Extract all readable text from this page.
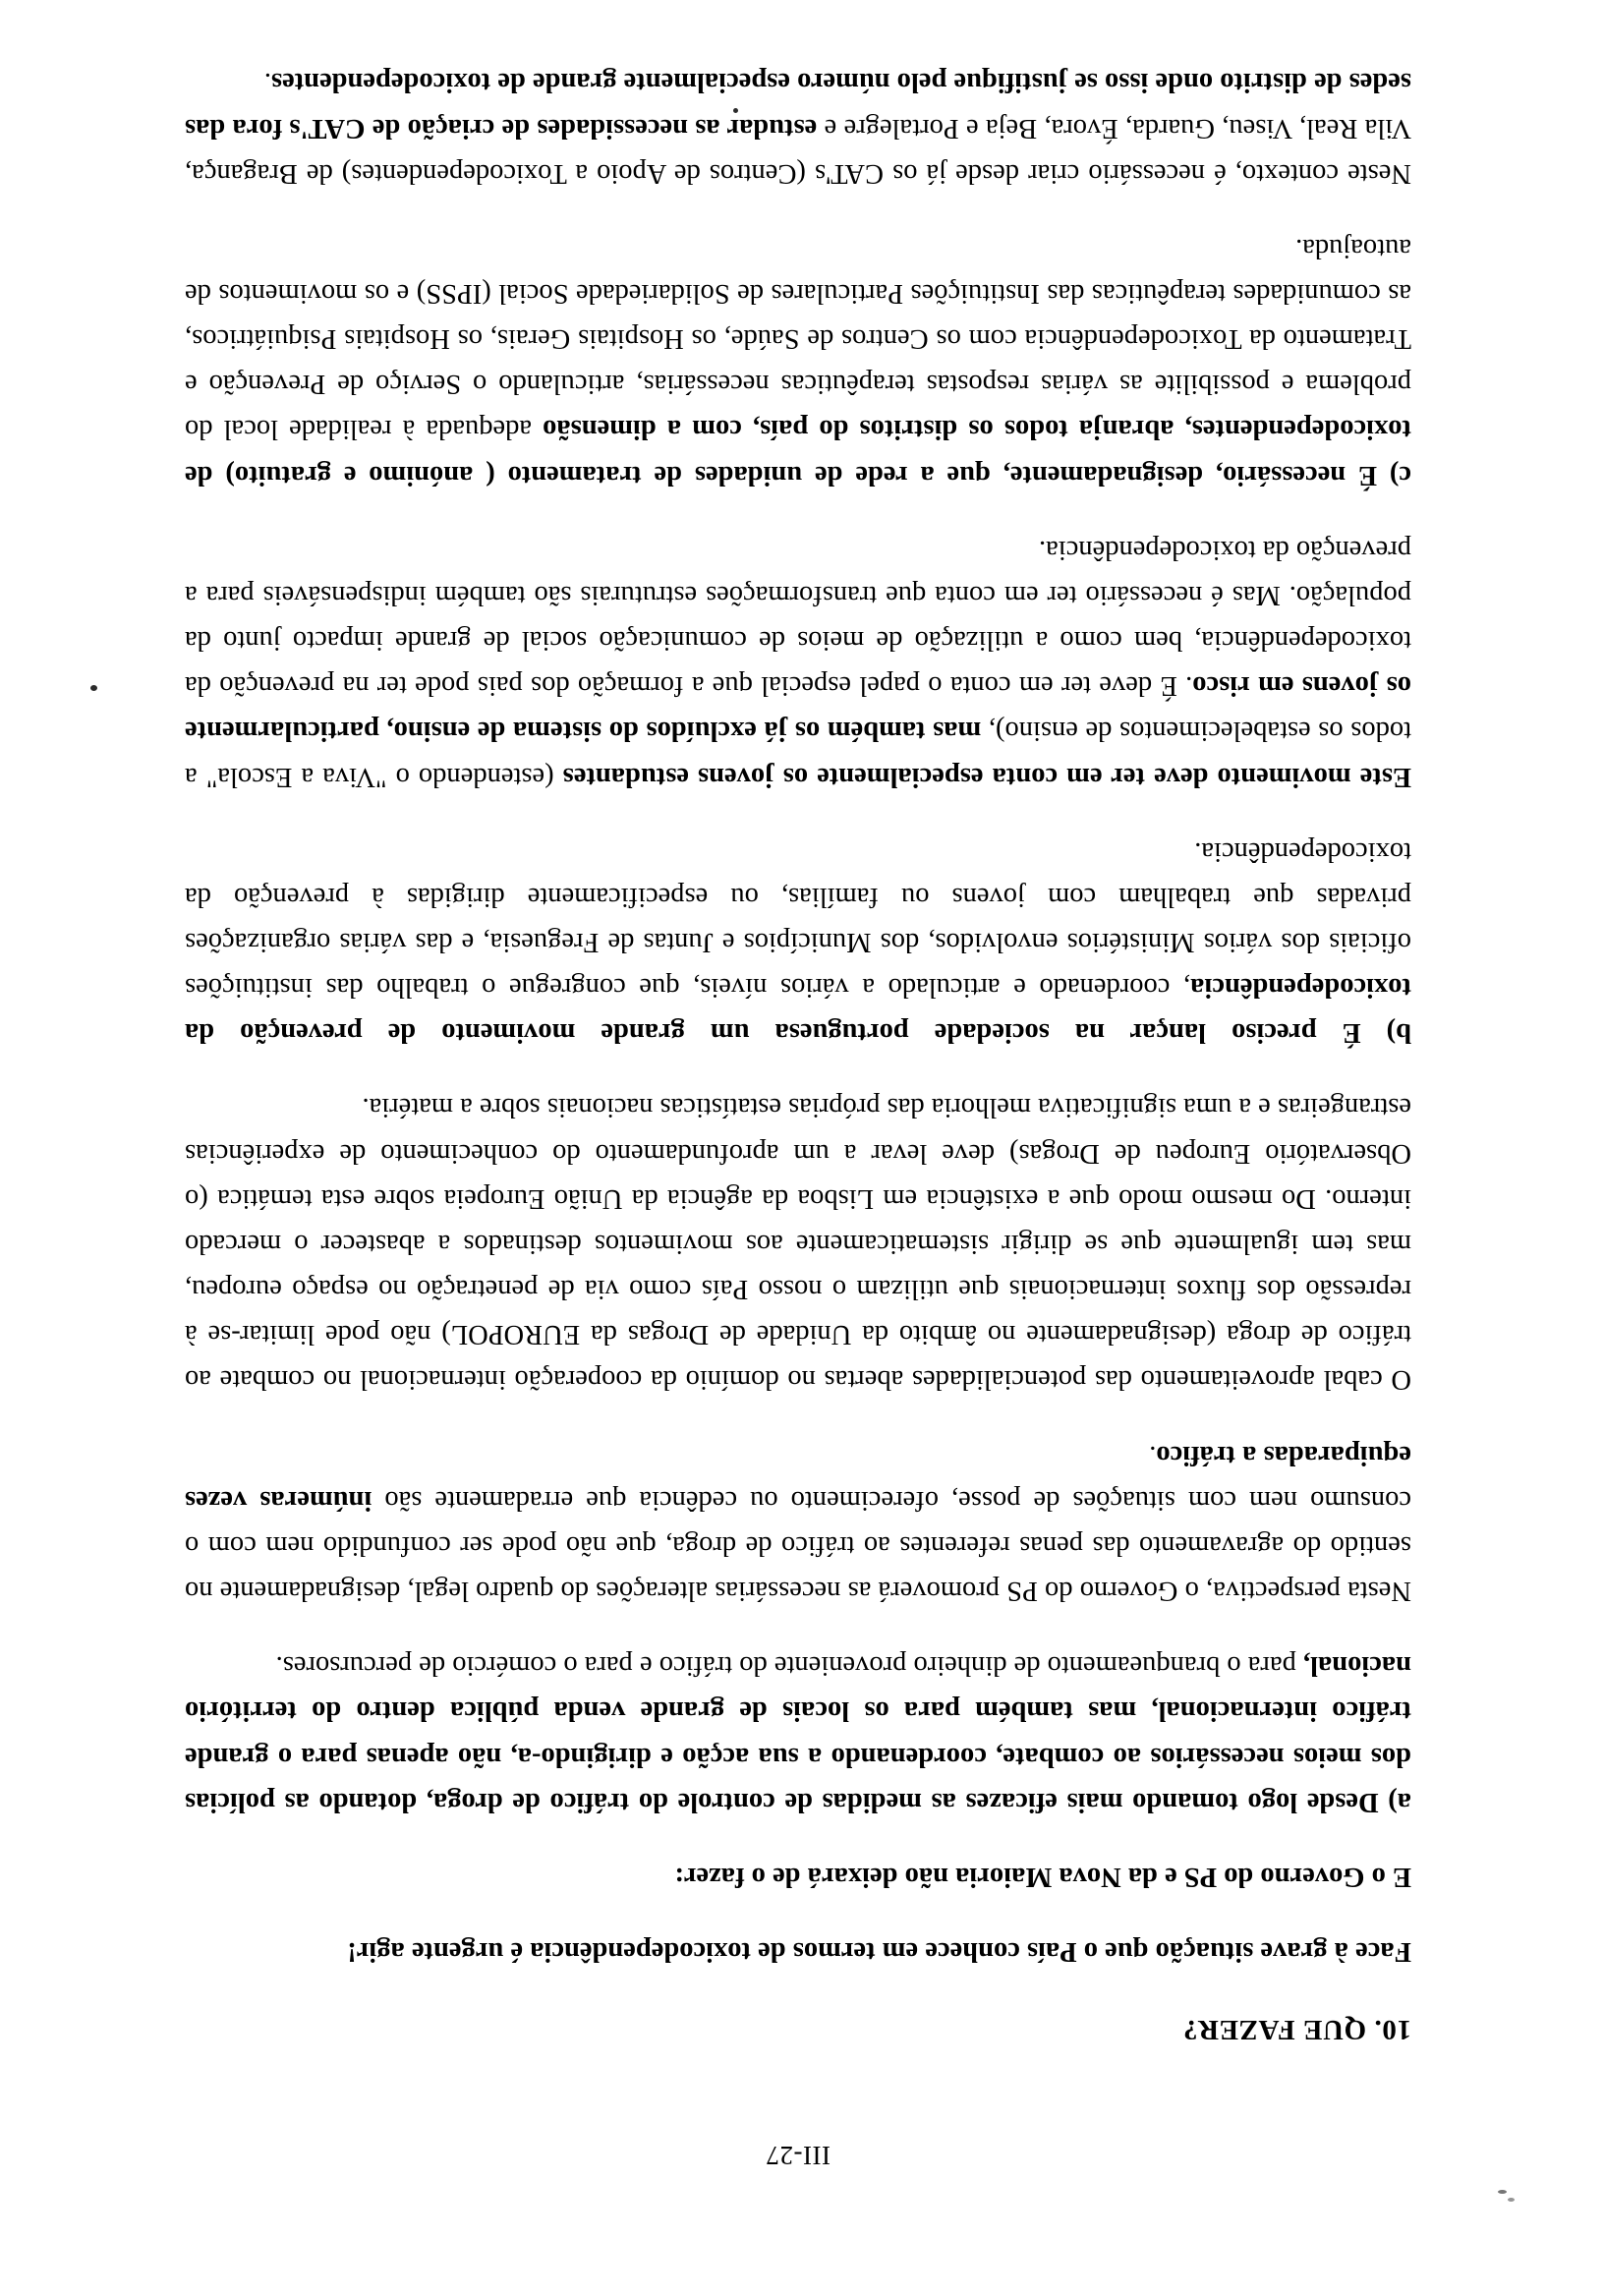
III-27
10. QUE FAZER?

Face à grave situação que o País conhece em termos de toxicodependência é urgente agir!

E o Governo do PS e da Nova Maioria não deixará de o fazer:

a) Desde logo tomando mais eficazes as medidas de controle do tráfico de droga, dotando as polícias dos meios necessários ao combate, coordenando a sua acção e dirigindo-a, não apenas para o grande tráfico internacional, mas também para os locais de grande venda pública dentro do território nacional, para o branqueamento de dinheiro proveniente do tráfico e para o comércio de percursores.

Nesta perspectiva, o Governo do PS promoverá as necessárias alterações do quadro legal, designadamente no sentido do agravamento das penas referentes ao tráfico de droga, que não pode ser confundido nem com o consumo nem com situações de posse, oferecimento ou cedência que erradamente são inúmeras vezes equiparadas a tráfico.

O cabal aproveitamento das potencialidades abertas no domínio da cooperação internacional no combate ao tráfico de droga (designadamente no âmbito da Unidade de Drogas da EUROPOL) não pode limitar-se à repressão dos fluxos internacionais que utilizam o nosso País como via de penetração no espaço europeu, mas tem igualmente que se dirigir sistematicamente aos movimentos destinados a abastecer o mercado interno. Do mesmo modo que a existência em Lisboa da agência da União Europeia sobre esta temática (o Observatório Europeu de Drogas) deve levar a um aprofundamento do conhecimento de experiências estrangeiras e a uma significativa melhoria das próprias estatísticas nacionais sobre a matéria.

b) É preciso lançar na sociedade portuguesa um grande movimento de prevenção da toxicodependência, coordenado e articulado a vários níveis, que congregue o trabalho das instituições oficiais dos vários Ministérios envolvidos, dos Municípios e Juntas de Freguesia, e das várias organizações privadas que trabalham com jovens ou famílias, ou especificamente dirigidas à prevenção da toxicodependência.

Este movimento deve ter em conta especialmente os jovens estudantes (estendendo o "Viva a Escola" a todos os estabelecimentos de ensino), mas também os já excluídos do sistema de ensino, particularmente os jovens em risco. É deve ter em conta o papel especial que a formação dos pais pode ter na prevenção da toxicodependência, bem como a utilização de meios de comunicação social de grande impacto junto da população. Mas é necessário ter em conta que transformações estruturais são também indispensáveis para a prevenção da toxicodependência.

c) É necessário, designadamente, que a rede de unidades de tratamento ( anónimo e gratuito) de toxicodependentes, abranja todos os distritos do país, com a dimensão adequada à realidade local do problema e possibilite as várias respostas terapêuticas necessárias, articulando o Serviço de Prevenção e Tratamento da Toxicodependência com os Centros de Saúde, os Hospitais Gerais, os Hospitais Psiquiátricos, as comunidades terapêuticas das Instituições Particulares de Solidariedade Social (IPSS) e os movimentos de autoajuda.

Neste contexto, é necessário criar desde já os CAT's (Centros de Apoio a Toxicodependentes) de Bragança, Vila Real, Viseu, Guarda, Évora, Beja e Portalegre e estudar as necessidades de criação de CAT's fora das sedes de distrito onde isso se justifique pelo número especialmente grande de toxicodependentes.
